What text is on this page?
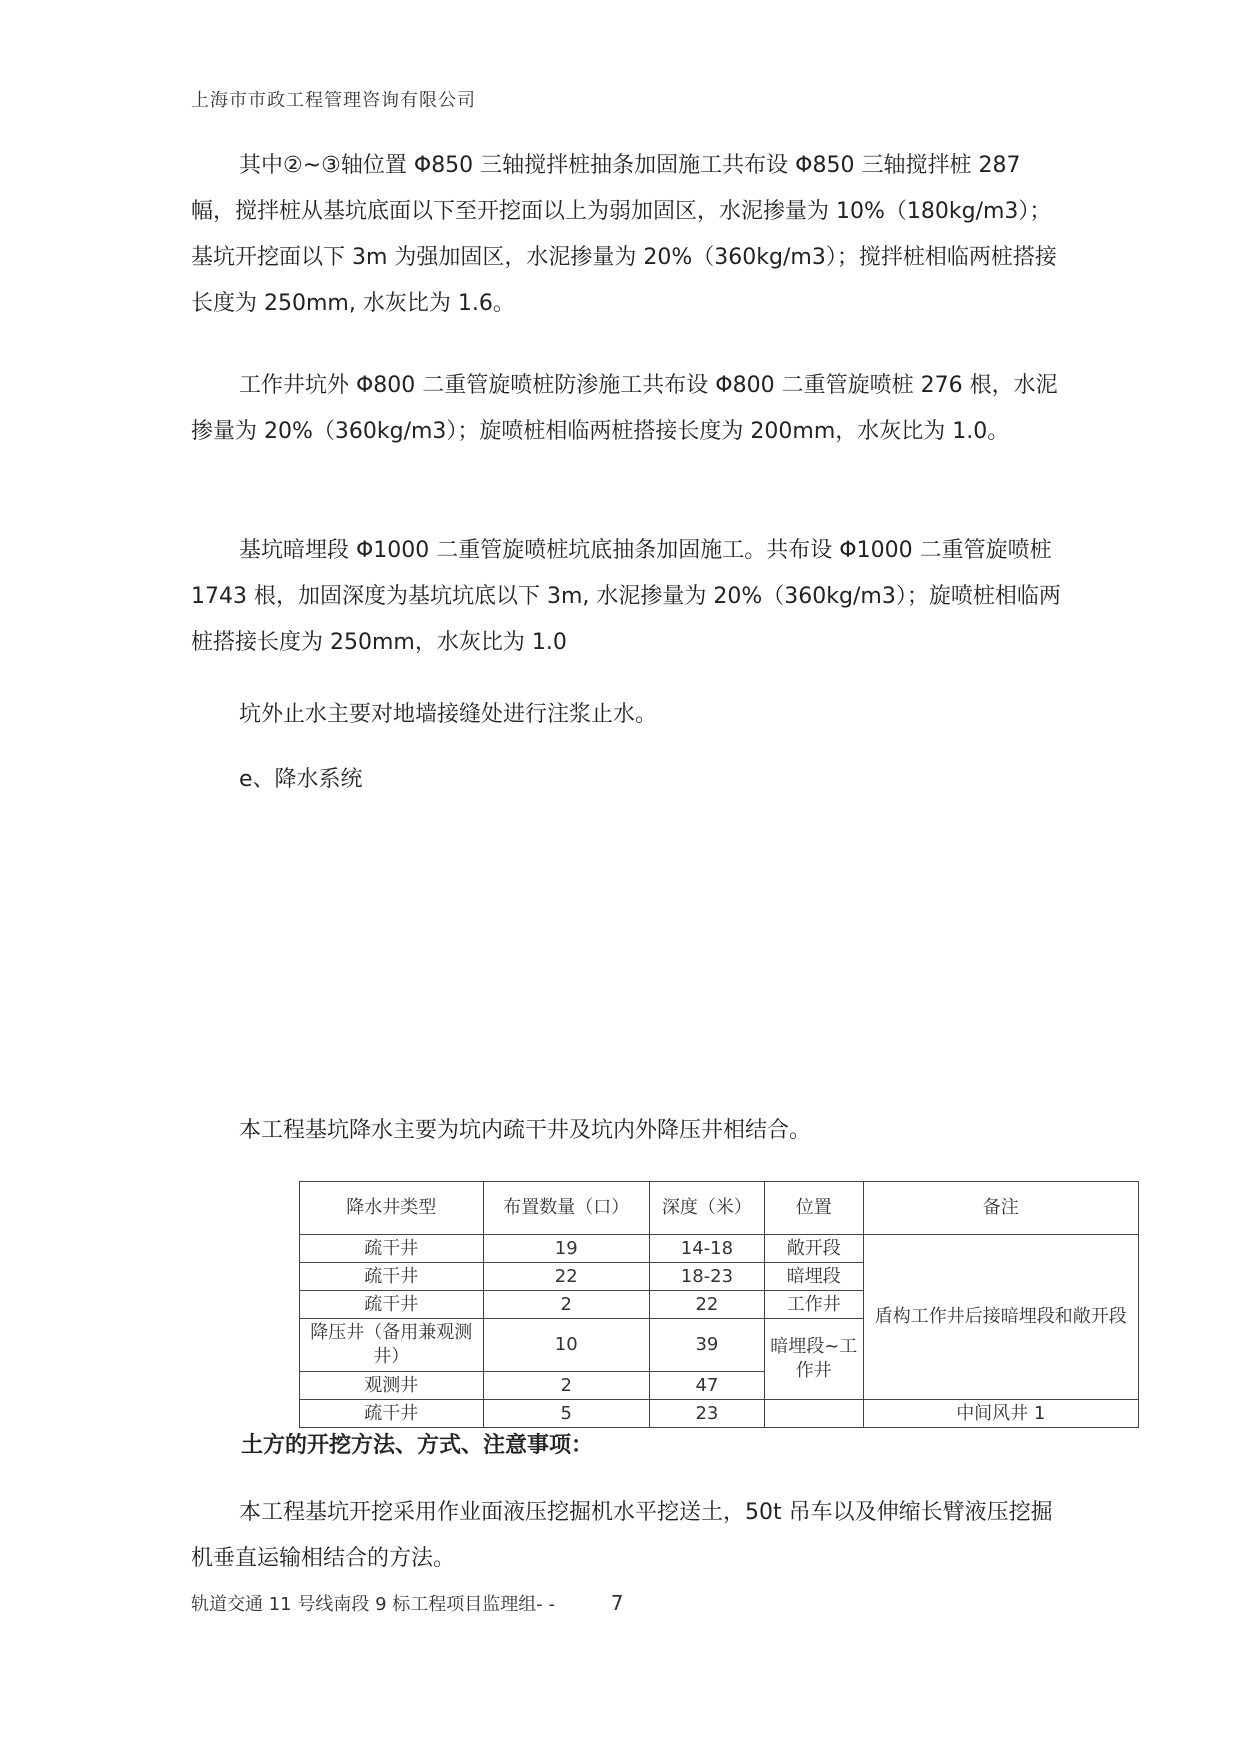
上海市市政工程管理咨询有限公司

其中②~③轴位置 Φ850 三轴搅拌桩抽条加固施工共布设 Φ850 三轴搅拌桩 287 幅，搅拌桩从基坑底面以下至开挖面以上为弱加固区，水泥掺量为 10%（180kg/m3）；基坑开挖面以下 3m 为强加固区，水泥掺量为 20%（360kg/m3）；搅拌桩相临两桩搭接长度为 250mm, 水灰比为 1.6。

工作井坑外 Φ800 二重管旋喷桩防渗施工共布设 Φ800 二重管旋喷桩 276 根，水泥掺量为 20%（360kg/m3）；旋喷桩相临两桩搭接长度为 200mm，水灰比为 1.0。

基坑暗埋段 Φ1000 二重管旋喷桩坑底抽条加固施工。共布设 Φ1000 二重管旋喷桩 1743 根，加固深度为基坑坑底以下 3m, 水泥掺量为 20%（360kg/m3）；旋喷桩相临两桩搭接长度为 250mm，水灰比为 1.0

坑外止水主要对地墙接缝处进行注浆止水。

e、降水系统

本工程基坑降水主要为坑内疏干井及坑内外降压井相结合。

降水井类型	布置数量（口）	深度（米）	位置	备注
疏干井	19	14-18	敞开段	盾构工作井后接暗埋段和敞开段
疏干井	22	18-23	暗埋段	
疏干井	2	22	工作井	
降压井（备用兼观测井）	10	39	暗埋段~工作井	
观测井	2	47		
疏干井	5	23		中间风井 1
土方的开挖方法、方式、注意事项：

本工程基坑开挖采用作业面液压挖掘机水平挖送土，50t 吊车以及伸缩长臂液压挖掘机垂直运输相结合的方法。

轨道交通 11 号线南段 9 标工程项目监理组- -	7
